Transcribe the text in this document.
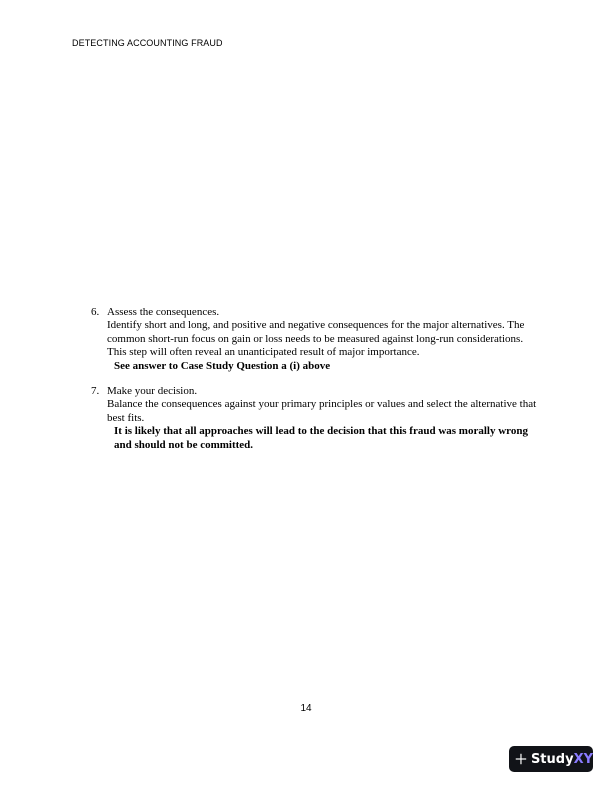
DETECTING ACCOUNTING FRAUD
6. Assess the consequences.

Identify short and long, and positive and negative consequences for the major alternatives. The common short-run focus on gain or loss needs to be measured against long-run considerations. This step will often reveal an unanticipated result of major importance.

See answer to Case Study Question a (i) above

7. Make your decision.

Balance the consequences against your primary principles or values and select the alternative that best fits.

It is likely that all approaches will lead to the decision that this fraud was morally wrong and should not be committed.

14
Study XY
